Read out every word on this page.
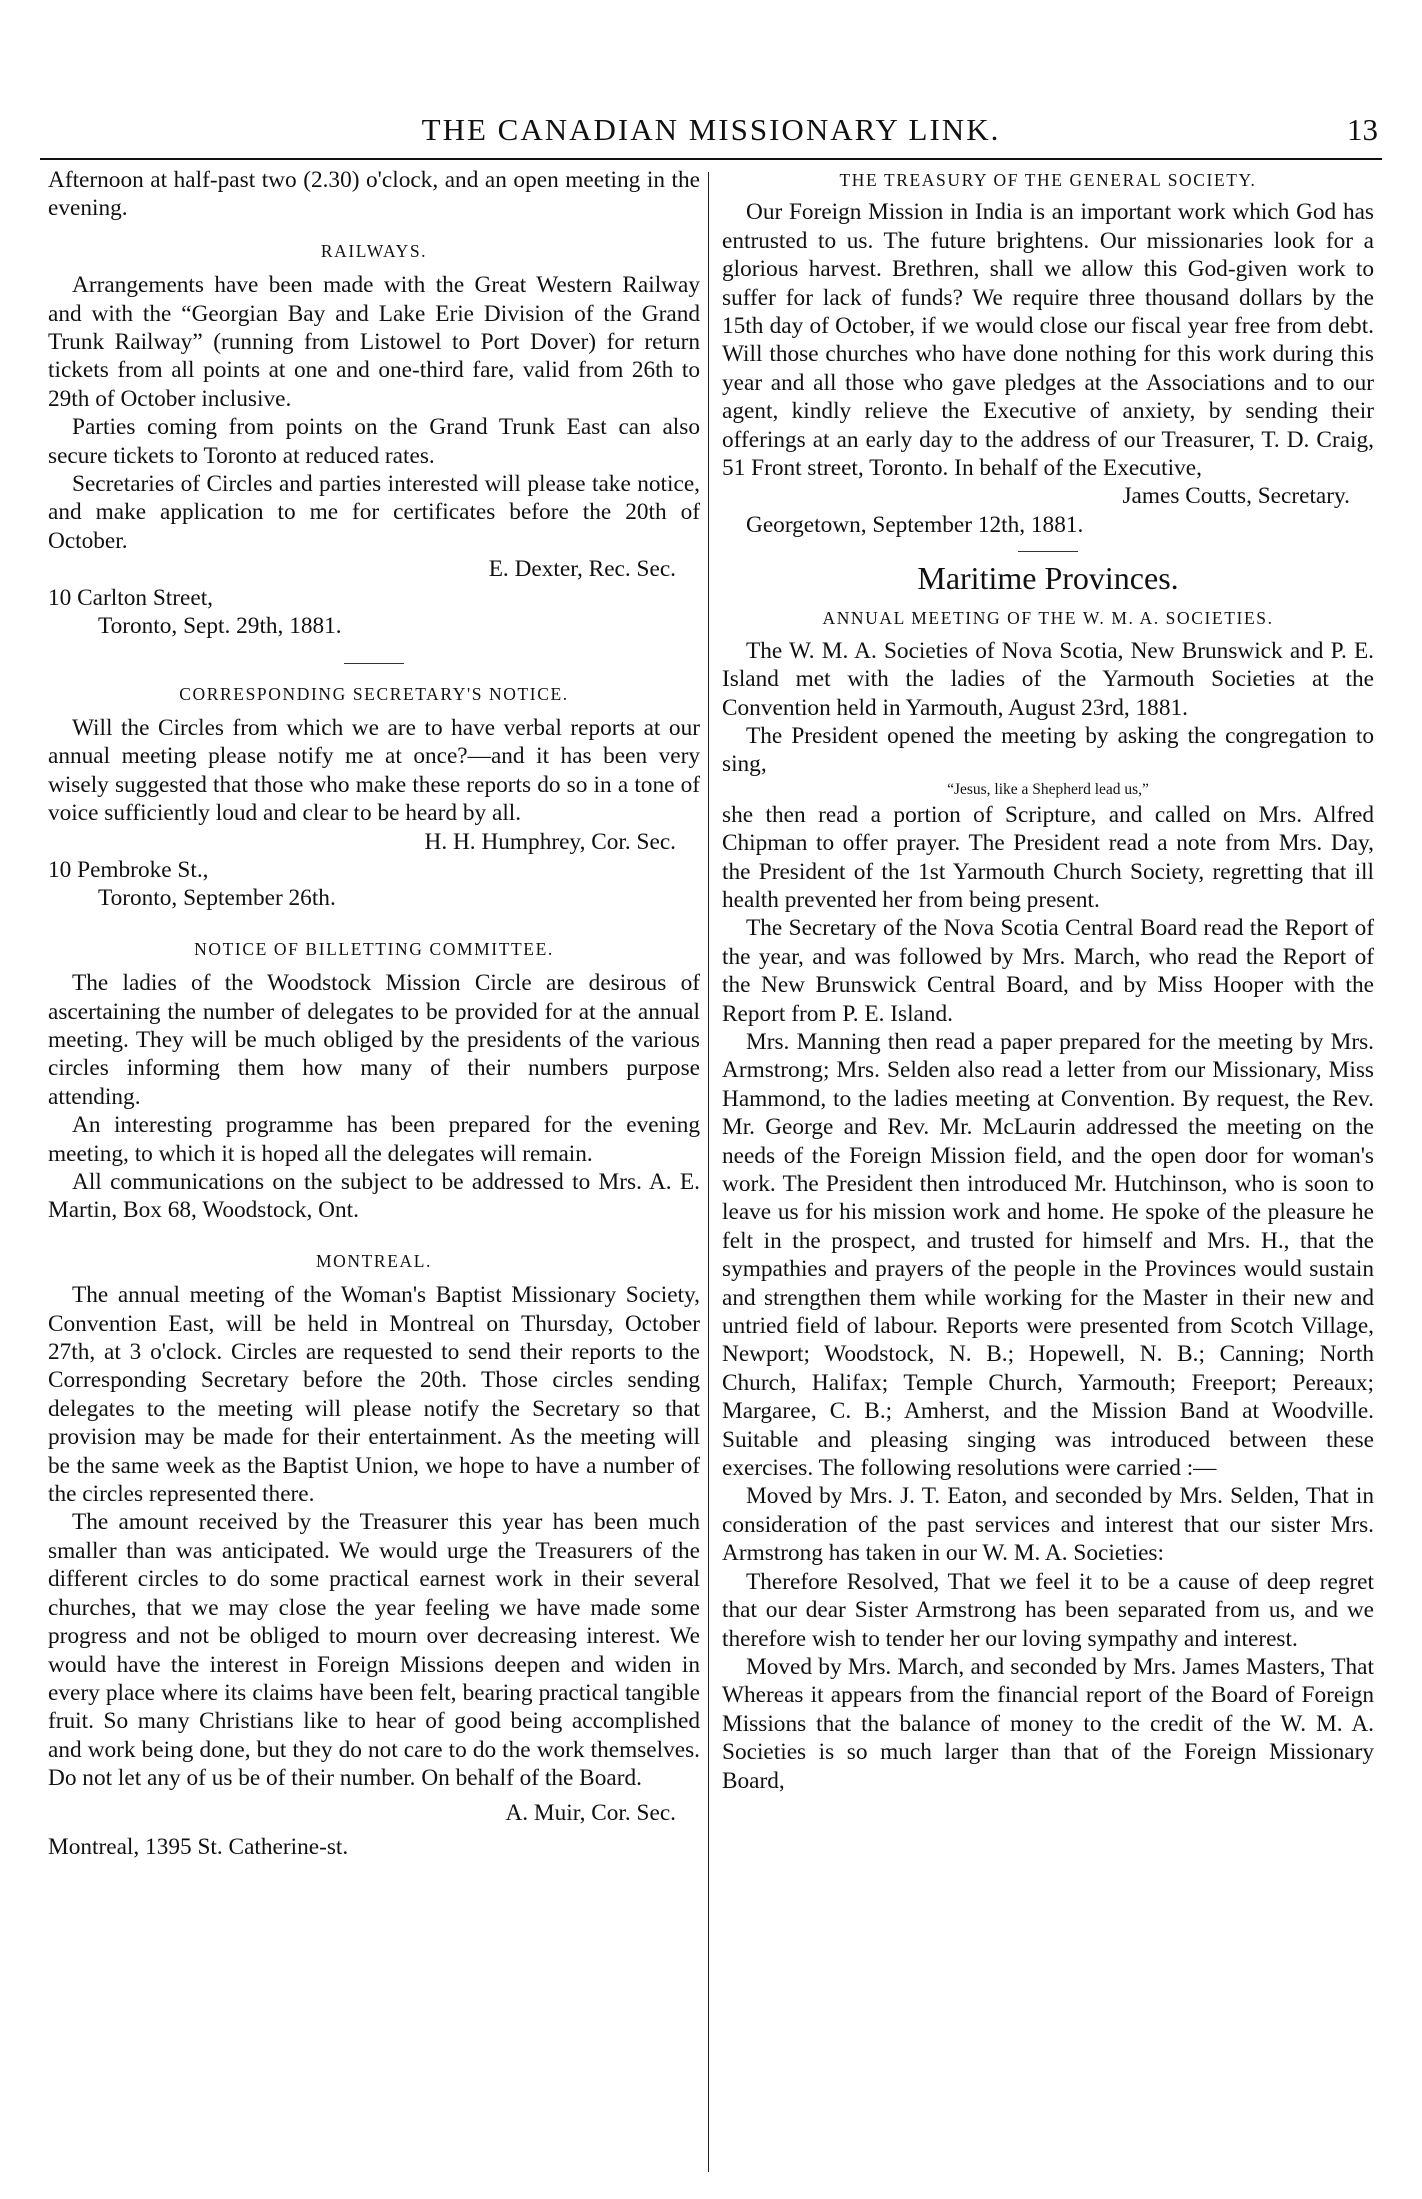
THE CANADIAN MISSIONARY LINK.	13

Afternoon at half-past two (2.30) o'clock, and an open meeting in the evening.

RAILWAYS.

Arrangements have been made with the Great Western Railway and with the “Georgian Bay and Lake Erie Division of the Grand Trunk Railway” (running from Listowel to Port Dover) for return tickets from all points at one and one-third fare, valid from 26th to 29th of October inclusive.

Parties coming from points on the Grand Trunk East can also secure tickets to Toronto at reduced rates.

Secretaries of Circles and parties interested will please take notice, and make application to me for certificates before the 20th of October.

E. Dexter, Rec. Sec.

10 Carlton Street,

Toronto, Sept. 29th, 1881.

CORRESPONDING SECRETARY'S NOTICE.

Will the Circles from which we are to have verbal reports at our annual meeting please notify me at once?—and it has been very wisely suggested that those who make these reports do so in a tone of voice sufficiently loud and clear to be heard by all.

H. H. Humphrey, Cor. Sec.

10 Pembroke St.,

Toronto, September 26th.

NOTICE OF BILLETTING COMMITTEE.

The ladies of the Woodstock Mission Circle are desirous of ascertaining the number of delegates to be provided for at the annual meeting. They will be much obliged by the presidents of the various circles informing them how many of their numbers purpose attending.

An interesting programme has been prepared for the evening meeting, to which it is hoped all the delegates will remain.

All communications on the subject to be addressed to Mrs. A. E. Martin, Box 68, Woodstock, Ont.

MONTREAL.

The annual meeting of the Woman's Baptist Missionary Society, Convention East, will be held in Montreal on Thursday, October 27th, at 3 o'clock. Circles are requested to send their reports to the Corresponding Secretary before the 20th. Those circles sending delegates to the meeting will please notify the Secretary so that provision may be made for their entertainment. As the meeting will be the same week as the Baptist Union, we hope to have a number of the circles represented there.

The amount received by the Treasurer this year has been much smaller than was anticipated. We would urge the Treasurers of the different circles to do some practical earnest work in their several churches, that we may close the year feeling we have made some progress and not be obliged to mourn over decreasing interest. We would have the interest in Foreign Missions deepen and widen in every place where its claims have been felt, bearing practical tangible fruit. So many Christians like to hear of good being accomplished and work being done, but they do not care to do the work themselves. Do not let any of us be of their number. On behalf of the Board.

A. Muir, Cor. Sec.

Montreal, 1395 St. Catherine-st.

THE TREASURY OF THE GENERAL SOCIETY.

Our Foreign Mission in India is an important work which God has entrusted to us. The future brightens. Our missionaries look for a glorious harvest. Brethren, shall we allow this God-given work to suffer for lack of funds? We require three thousand dollars by the 15th day of October, if we would close our fiscal year free from debt. Will those churches who have done nothing for this work during this year and all those who gave pledges at the Associations and to our agent, kindly relieve the Executive of anxiety, by sending their offerings at an early day to the address of our Treasurer, T. D. Craig, 51 Front street, Toronto. In behalf of the Executive,

James Coutts, Secretary.

Georgetown, September 12th, 1881.

Maritime Provinces.

ANNUAL MEETING OF THE W. M. A. SOCIETIES.

The W. M. A. Societies of Nova Scotia, New Brunswick and P. E. Island met with the ladies of the Yarmouth Societies at the Convention held in Yarmouth, August 23rd, 1881.

The President opened the meeting by asking the congregation to sing,

“Jesus, like a Shepherd lead us,”

she then read a portion of Scripture, and called on Mrs. Alfred Chipman to offer prayer. The President read a note from Mrs. Day, the President of the 1st Yarmouth Church Society, regretting that ill health prevented her from being present.

The Secretary of the Nova Scotia Central Board read the Report of the year, and was followed by Mrs. March, who read the Report of the New Brunswick Central Board, and by Miss Hooper with the Report from P. E. Island.

Mrs. Manning then read a paper prepared for the meeting by Mrs. Armstrong; Mrs. Selden also read a letter from our Missionary, Miss Hammond, to the ladies meeting at Convention. By request, the Rev. Mr. George and Rev. Mr. McLaurin addressed the meeting on the needs of the Foreign Mission field, and the open door for woman's work. The President then introduced Mr. Hutchinson, who is soon to leave us for his mission work and home. He spoke of the pleasure he felt in the prospect, and trusted for himself and Mrs. H., that the sympathies and prayers of the people in the Provinces would sustain and strengthen them while working for the Master in their new and untried field of labour. Reports were presented from Scotch Village, Newport; Woodstock, N. B.; Hopewell, N. B.; Canning; North Church, Halifax; Temple Church, Yarmouth; Freeport; Pereaux; Margaree, C. B.; Amherst, and the Mission Band at Woodville. Suitable and pleasing singing was introduced between these exercises. The following resolutions were carried :—

Moved by Mrs. J. T. Eaton, and seconded by Mrs. Selden, That in consideration of the past services and interest that our sister Mrs. Armstrong has taken in our W. M. A. Societies:

Therefore Resolved, That we feel it to be a cause of deep regret that our dear Sister Armstrong has been separated from us, and we therefore wish to tender her our loving sympathy and interest.

Moved by Mrs. March, and seconded by Mrs. James Masters, That Whereas it appears from the financial report of the Board of Foreign Missions that the balance of money to the credit of the W. M. A. Societies is so much larger than that of the Foreign Missionary Board,
